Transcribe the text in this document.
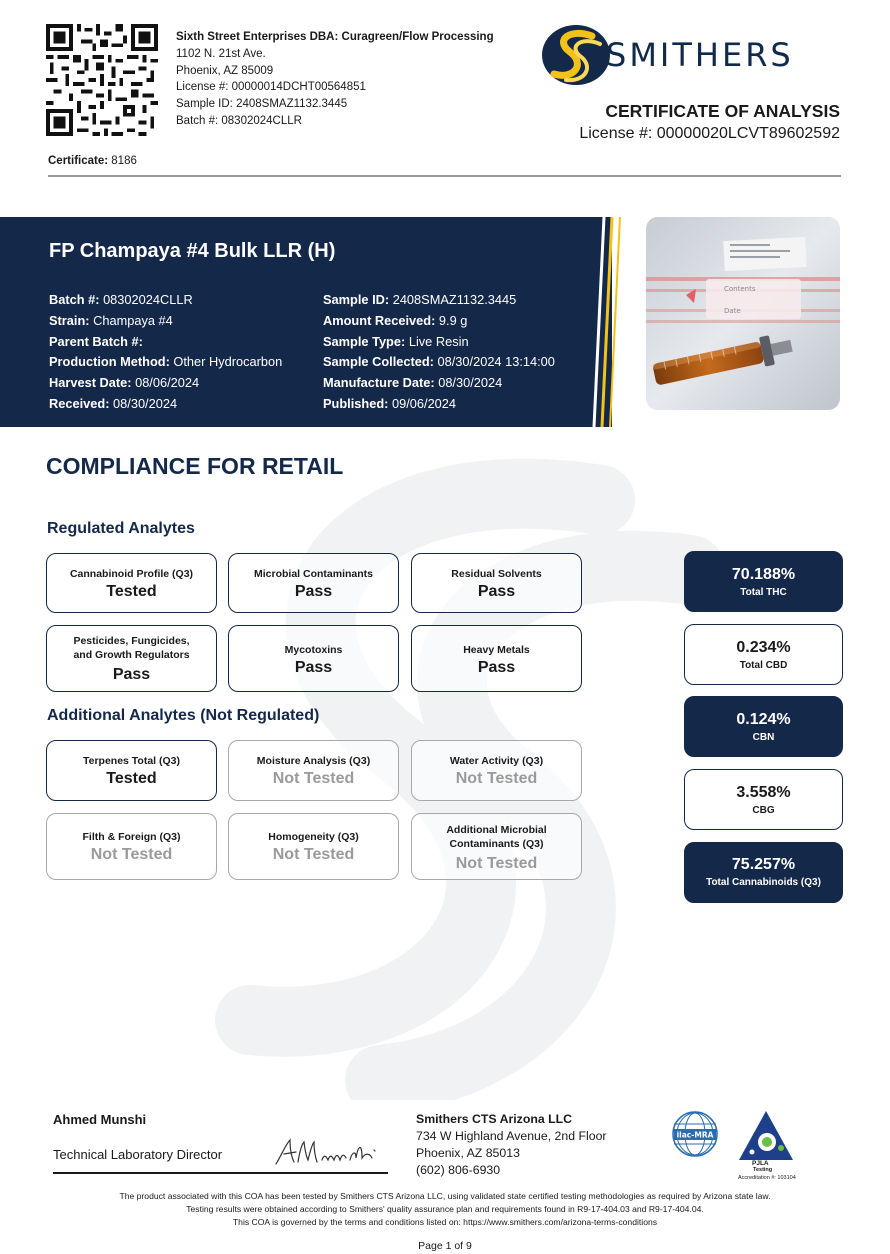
Sixth Street Enterprises DBA: Curagreen/Flow Processing
1102 N. 21st Ave.
Phoenix, AZ 85009
License #: 00000014DCHT00564851
Sample ID: 2408SMAZ1132.3445
Batch #: 08302024CLLR
SMITHERS
CERTIFICATE OF ANALYSIS
License #: 00000020LCVT89602592
Certificate: 8186
FP Champaya #4 Bulk LLR (H)
Batch #: 08302024CLLR
Strain: Champaya #4
Parent Batch #:
Production Method: Other Hydrocarbon
Harvest Date: 08/06/2024
Received: 08/30/2024
Sample ID: 2408SMAZ1132.3445
Amount Received: 9.9 g
Sample Type: Live Resin
Sample Collected: 08/30/2024 13:14:00
Manufacture Date: 08/30/2024
Published: 09/06/2024
Contents
Date
COMPLIANCE FOR RETAIL
Regulated Analytes
Cannabinoid Profile (Q3)
Tested
Microbial Contaminants
Pass
Residual Solvents
Pass
Pesticides, Fungicides,
and Growth Regulators
Pass
Mycotoxins
Pass
Heavy Metals
Pass
Additional Analytes (Not Regulated)
Terpenes Total (Q3)
Tested
Moisture Analysis (Q3)
Not Tested
Water Activity (Q3)
Not Tested
Filth & Foreign (Q3)
Not Tested
Homogeneity (Q3)
Not Tested
Additional Microbial
Contaminants (Q3)
Not Tested
70.188%
Total THC
0.234%
Total CBD
0.124%
CBN
3.558%
CBG
75.257%
Total Cannabinoids (Q3)
Ahmed Munshi
Technical Laboratory Director
Smithers CTS Arizona LLC
734 W Highland Avenue, 2nd Floor
Phoenix, AZ 85013
(602) 806-6930
ilac-MRA
PJLA
Testing
Accreditation #: 103104
The product associated with this COA has been tested by Smithers CTS Arizona LLC, using validated state certified testing methodologies as required by Arizona state law.
Testing results were obtained according to Smithers' quality assurance plan and requirements found in R9-17-404.03 and R9-17-404.04.
This COA is governed by the terms and conditions listed on: https://www.smithers.com/arizona-terms-conditions
Page 1 of 9
